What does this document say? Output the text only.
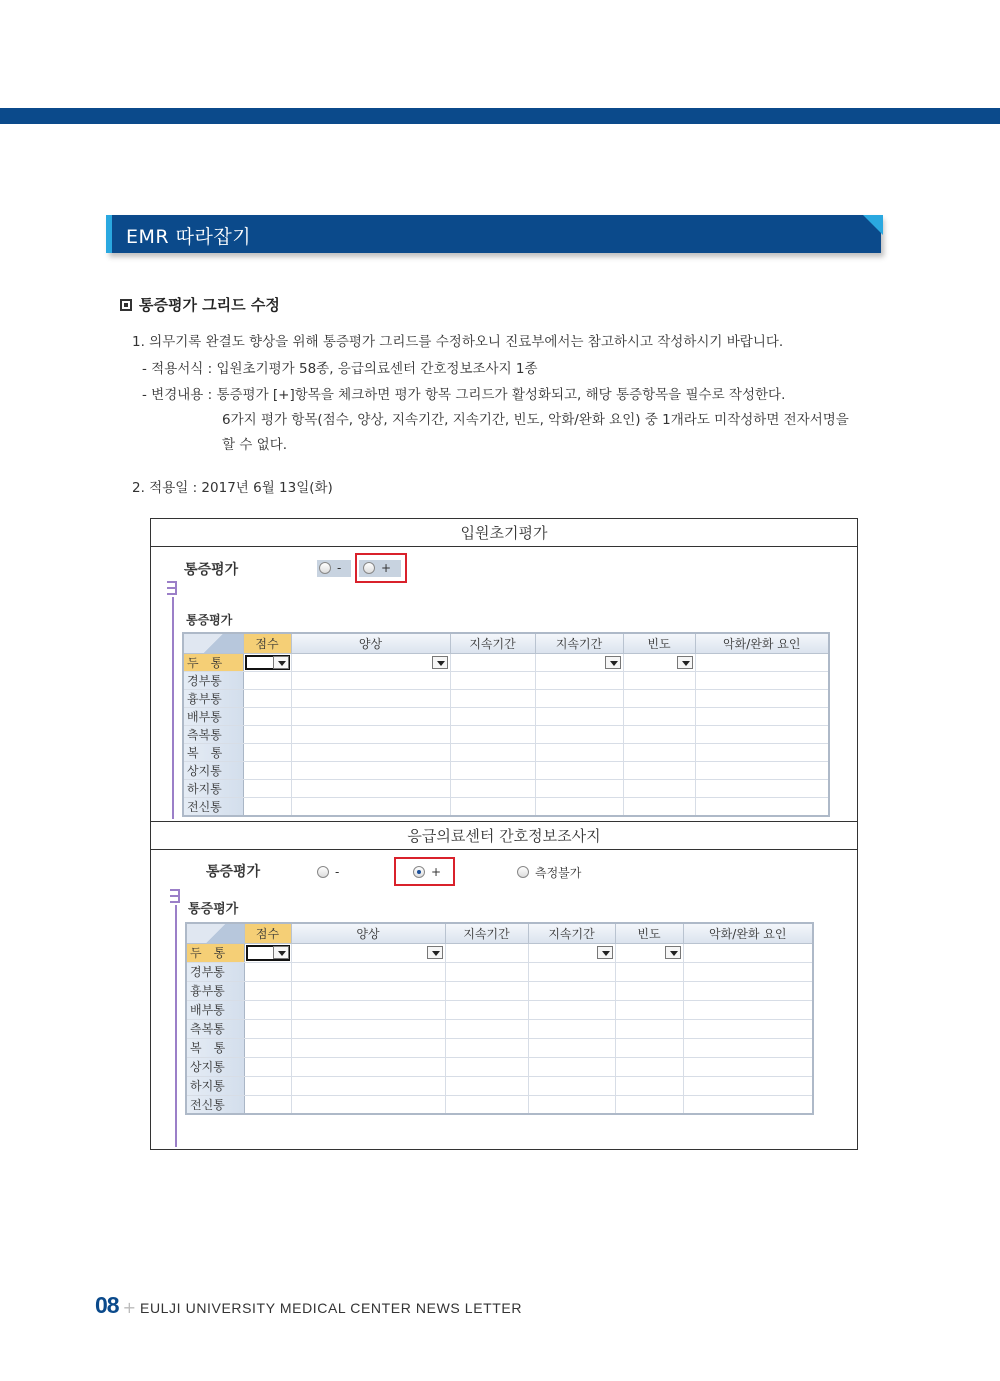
EMR 따라잡기
통증평가 그리드 수정
1. 의무기록 완결도 향상을 위해 통증평가 그리드를 수정하오니 진료부에서는 참고하시고 작성하시기 바랍니다.
- 적용서식 : 입원초기평가 58종, 응급의료센터 간호정보조사지 1종
- 변경내용 : 통증평가 [+]항목을 체크하면 평가 항목 그리드가 활성화되고, 해당 통증항목을 필수로 작성한다.
6가지 평가 항목(점수, 양상, 지속기간, 지속기간, 빈도, 악화/완화 요인) 중 1개라도 미작성하면 전자서명을
할 수 없다.
2. 적용일 : 2017년 6월 13일(화)
입원초기평가
통증평가	-	+
통증평가
	점수	양상	지속기간	지속기간	빈도	악화/완화 요인
두　통	

경부통						
흉부통						
배부통						
측복통						
복　통						
상지통						
하지통						
전신통						
응급의료센터 간호정보조사지
통증평가	-	+	측정불가
통증평가
	점수	양상	지속기간	지속기간	빈도	악화/완화 요인
두　통	

경부통						
흉부통						
배부통						
측복통						
복　통						
상지통						
하지통						
전신통						
08 + EULJI UNIVERSITY MEDICAL CENTER NEWS LETTER
